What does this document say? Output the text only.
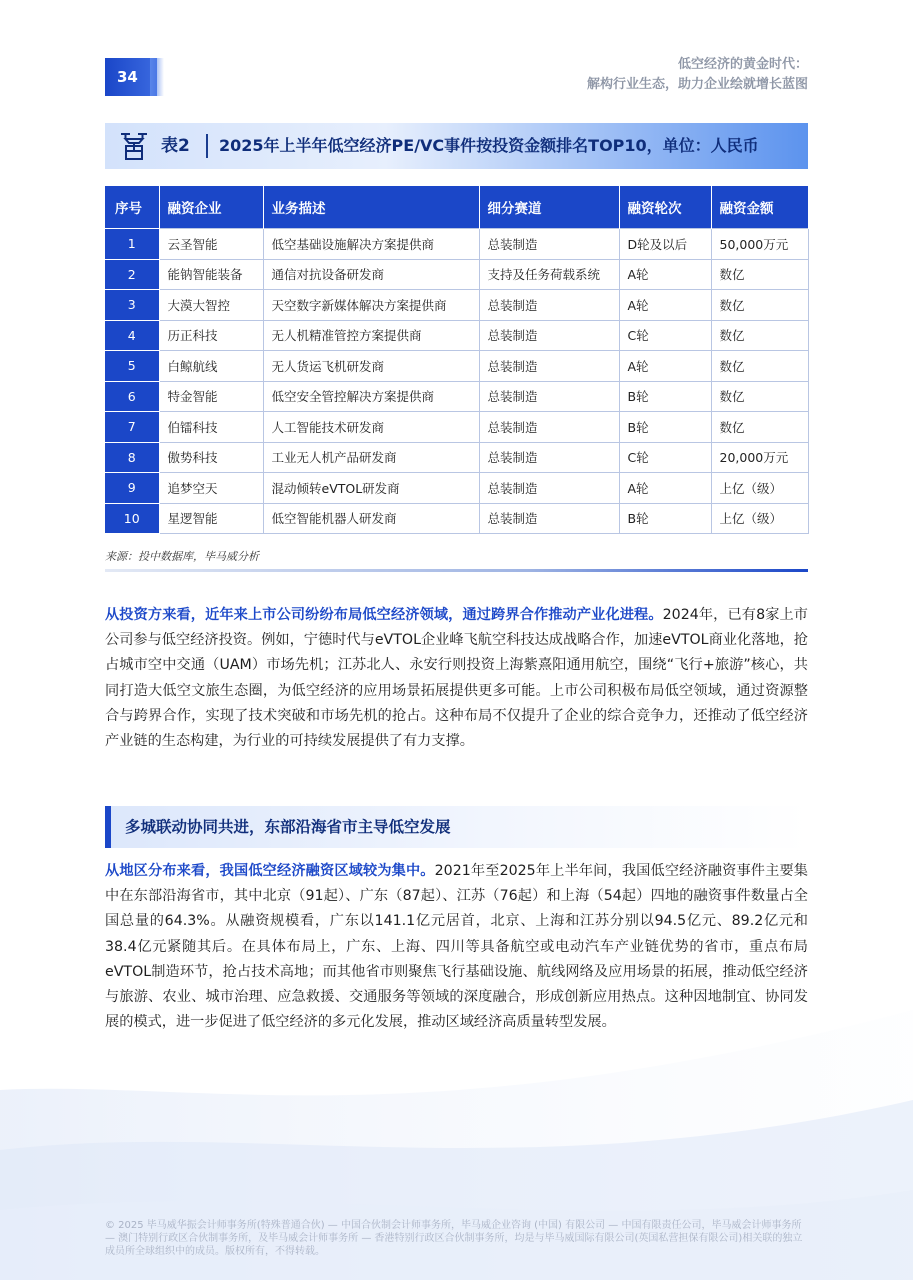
34
低空经济的黄金时代：
解构行业生态，助力企业绘就增长蓝图
表2 2025年上半年低空经济PE/VC事件按投资金额排名TOP10，单位：人民币
序号	融资企业	业务描述	细分赛道	融资轮次	融资金额
1	云圣智能	低空基础设施解决方案提供商	总装制造	D轮及以后	50,000万元
2	能钠智能装备	通信对抗设备研发商	支持及任务荷载系统	A轮	数亿
3	大漠大智控	天空数字新媒体解决方案提供商	总装制造	A轮	数亿
4	历正科技	无人机精准管控方案提供商	总装制造	C轮	数亿
5	白鲸航线	无人货运飞机研发商	总装制造	A轮	数亿
6	特金智能	低空安全管控解决方案提供商	总装制造	B轮	数亿
7	伯镭科技	人工智能技术研发商	总装制造	B轮	数亿
8	傲势科技	工业无人机产品研发商	总装制造	C轮	20,000万元
9	追梦空天	混动倾转eVTOL研发商	总装制造	A轮	上亿（级）
10	星逻智能	低空智能机器人研发商	总装制造	B轮	上亿（级）
来源：投中数据库，毕马威分析
从投资方来看，近年来上市公司纷纷布局低空经济领域，通过跨界合作推动产业化进程。2024年，已有8家上市公司参与低空经济投资。例如，宁德时代与eVTOL企业峰飞航空科技达成战略合作，加速eVTOL商业化落地，抢占城市空中交通（UAM）市场先机；江苏北人、永安行则投资上海紫熹阳通用航空，围绕“飞行+旅游”核心，共同打造大低空文旅生态圈，为低空经济的应用场景拓展提供更多可能。上市公司积极布局低空领域，通过资源整合与跨界合作，实现了技术突破和市场先机的抢占。这种布局不仅提升了企业的综合竞争力，还推动了低空经济产业链的生态构建，为行业的可持续发展提供了有力支撑。
多城联动协同共进，东部沿海省市主导低空发展
从地区分布来看，我国低空经济融资区域较为集中。2021年至2025年上半年间，我国低空经济融资事件主要集中在东部沿海省市，其中北京（91起）、广东（87起）、江苏（76起）和上海（54起）四地的融资事件数量占全国总量的64.3%。从融资规模看，广东以141.1亿元居首，北京、上海和江苏分别以94.5亿元、89.2亿元和38.4亿元紧随其后。在具体布局上，广东、上海、四川等具备航空或电动汽车产业链优势的省市，重点布局eVTOL制造环节，抢占技术高地；而其他省市则聚焦飞行基础设施、航线网络及应用场景的拓展，推动低空经济与旅游、农业、城市治理、应急救援、交通服务等领域的深度融合，形成创新应用热点。这种因地制宜、协同发展的模式，进一步促进了低空经济的多元化发展，推动区域经济高质量转型发展。
© 2025 毕马威华振会计师事务所(特殊普通合伙) — 中国合伙制会计师事务所，毕马威企业咨询 (中国) 有限公司 — 中国有限责任公司，毕马威会计师事务所 — 澳门特别行政区合伙制事务所，及毕马威会计师事务所 — 香港特别行政区合伙制事务所，均是与毕马威国际有限公司(英国私营担保有限公司)相关联的独立成员所全球组织中的成员。版权所有，不得转载。
